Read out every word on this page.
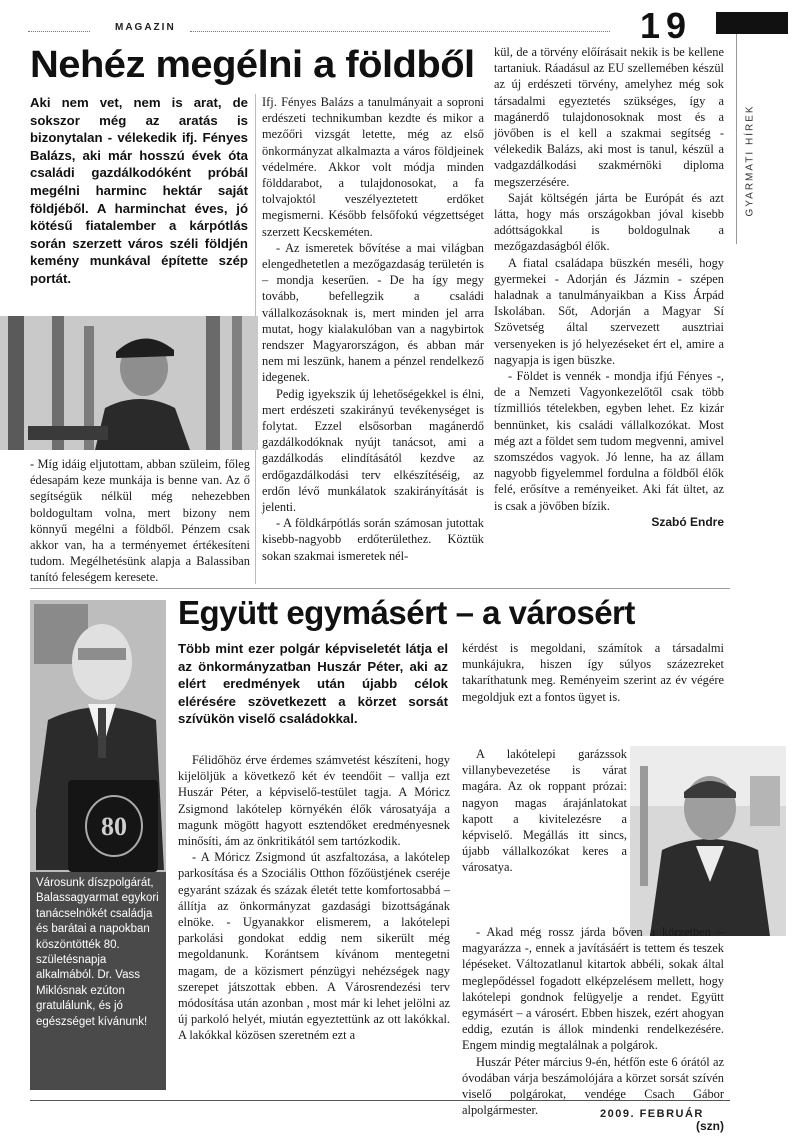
MAGAZIN	19
GYARMATI HÍREK
Nehéz megélni a földből
Aki nem vet, nem is arat, de sokszor még az aratás is bizonytalan - vélekedik ifj. Fényes Balázs, aki már hosszú évek óta családi gazdálkodóként próbál megélni harminc hektár saját földjéből. A harminchat éves, jó kötésű fiatalember a kárpótlás során szerzett város széli földjén kemény munkával építette szép portát.

- Míg idáig eljutottam, abban szüleim, főleg édesapám keze munkája is benne van. Az ő segítségük nélkül még nehezebben boldogultam volna, mert bizony nem könnyű megélni a földből. Pénzem csak akkor van, ha a terményemet értékesíteni tudom. Megélhetésünk alapja a Balassiban tanító feleségem keresete.

Ifj. Fényes Balázs a tanulmányait a soproni erdészeti technikumban kezdte és mikor a mezőőri vizsgát letette, még az első önkormányzat alkalmazta a város földjeinek védelmére. Akkor volt módja minden földdarabot, a tulajdonosokat, a fa tolvajoktól veszélyeztetett erdőket megismerni. Később felsőfokú végzettséget szerzett Kecskeméten.

- Az ismeretek bővítése a mai világban elengedhetetlen a mezőgazdaság területén is – mondja keserűen. - De ha így megy tovább, befellegzik a családi vállalkozásoknak is, mert minden jel arra mutat, hogy kialakulóban van a nagybirtok rendszer Magyarországon, és abban már nem mi leszünk, hanem a pénzel rendelkező idegenek.

Pedig igyekszik új lehetőségekkel is élni, mert erdészeti szakirányú tevékenységet is folytat. Ezzel elsősorban magánerdő gazdálkodóknak nyújt tanácsot, ami a gazdálkodás elindításától kezdve az erdőgazdálkodási terv elkészítéséig, az erdőn lévő munkálatok szakirányítását is jelenti.

- A földkárpótlás során számosan jutottak kisebb-nagyobb erdőterülethez. Köztük sokan szakmai ismeretek nél-

kül, de a törvény előírásait nekik is be kellene tartaniuk. Ráadásul az EU szellemében készül az új erdészeti törvény, amelyhez még sok társadalmi egyeztetés szükséges, így a magánerdő tulajdonosoknak most és a jövőben is el kell a szakmai segítség - vélekedik Balázs, aki most is tanul, készül a vadgazdálkodási szakmérnöki diploma megszerzésére.

Saját költségén járta be Európát és azt látta, hogy más országokban jóval kisebb adóttságokkal is boldogulnak a mezőgazdaságból élők.

A fiatal családapa büszkén meséli, hogy gyermekei - Adorján és Jázmin - szépen haladnak a tanulmányaikban a Kiss Árpád Iskolában. Sőt, Adorján a Magyar Sí Szövetség által szervezett ausztriai versenyeken is jó helyezéseket ért el, amire a nagyapja is igen büszke.

- Földet is vennék - mondja ifjú Fényes -, de a Nemzeti Vagyonkezelőtől csak több tízmilliós tételekben, egyben lehet. Ez kizár bennünket, kis családi vállalkozókat. Most még azt a földet sem tudom megvenni, amivel szomszédos vagyok. Jó lenne, ha az állam nagyobb figyelemmel fordulna a földből élők felé, erősítve a reményeiket. Aki fát ültet, az is csak a jövőben bízik.

Szabó Endre
80
Városunk díszpolgárát, Balassagyarmat egykori tanácselnökét családja és barátai a napokban köszöntötték 80. születésnapja alkalmából. Dr. Vass Miklósnak ezúton gratulálunk, és jó egészséget kívánunk!
Együtt egymásért – a városért
Több mint ezer polgár képviseletét látja el az önkormányzatban Huszár Péter, aki az elért eredmények után újabb célok elérésére szövetkezett a körzet sorsát szívükön viselő családokkal.

Félidőhöz érve érdemes számvetést készíteni, hogy kijelöljük a következő két év teendőit – vallja ezt Huszár Péter, a képviselő-testület tagja. A Móricz Zsigmond lakótelep környékén élők városatyája a magunk mögött hagyott esztendőket eredményesnek minősíti, ám az önkritikától sem tartózkodik.

- A Móricz Zsigmond út aszfaltozása, a lakótelep parkosítása és a Szociális Otthon főzőüstjének cseréje egyaránt százak és százak életét tette komfortosabbá – állítja az önkormányzat gazdasági bizottságának elnöke. - Ugyanakkor elismerem, a lakótelepi parkolási gondokat eddig nem sikerült még megoldanunk. Korántsem kívánom mentegetni magam, de a közismert pénzügyi nehézségek nagy szerepet játszottak ebben. A Városrendezési terv módosítása után azonban , most már ki lehet jelölni az új parkoló helyét, miután egyeztettünk az ott lakókkal. A lakókkal közösen szeretném ezt a

kérdést is megoldani, számítok a társadalmi munkájukra, hiszen így súlyos százezreket takaríthatunk meg. Reményeim szerint az év végére megoldjuk ezt a fontos ügyet is.

A lakótelepi garázssok villanybevezetése is várat magára. Az ok roppant prózai: nagyon magas árajánlatokat kapott a kivitelezésre a képviselő. Megállás itt sincs, újabb vállalkozókat keres a városatya.

- Akad még rossz járda bőven a körzetben – magyarázza -, ennek a javításáért is tettem és teszek lépéseket. Változatlanul kitartok abbéli, sokak által meglepődéssel fogadott elképzelésem mellett, hogy lakótelepi gondnok felügyelje a rendet. Együtt egymásért – a városért. Ebben hiszek, ezért ahogyan eddig, ezután is állok mindenki rendelkezésére. Engem mindig megtalálnak a polgárok.

Huszár Péter március 9-én, hétfőn este 6 órától az óvodában várja beszámolójára a körzet sorsát szívén viselő polgárokat, vendége Csach Gábor alpolgármester.

(szn)
2009. FEBRUÁR
